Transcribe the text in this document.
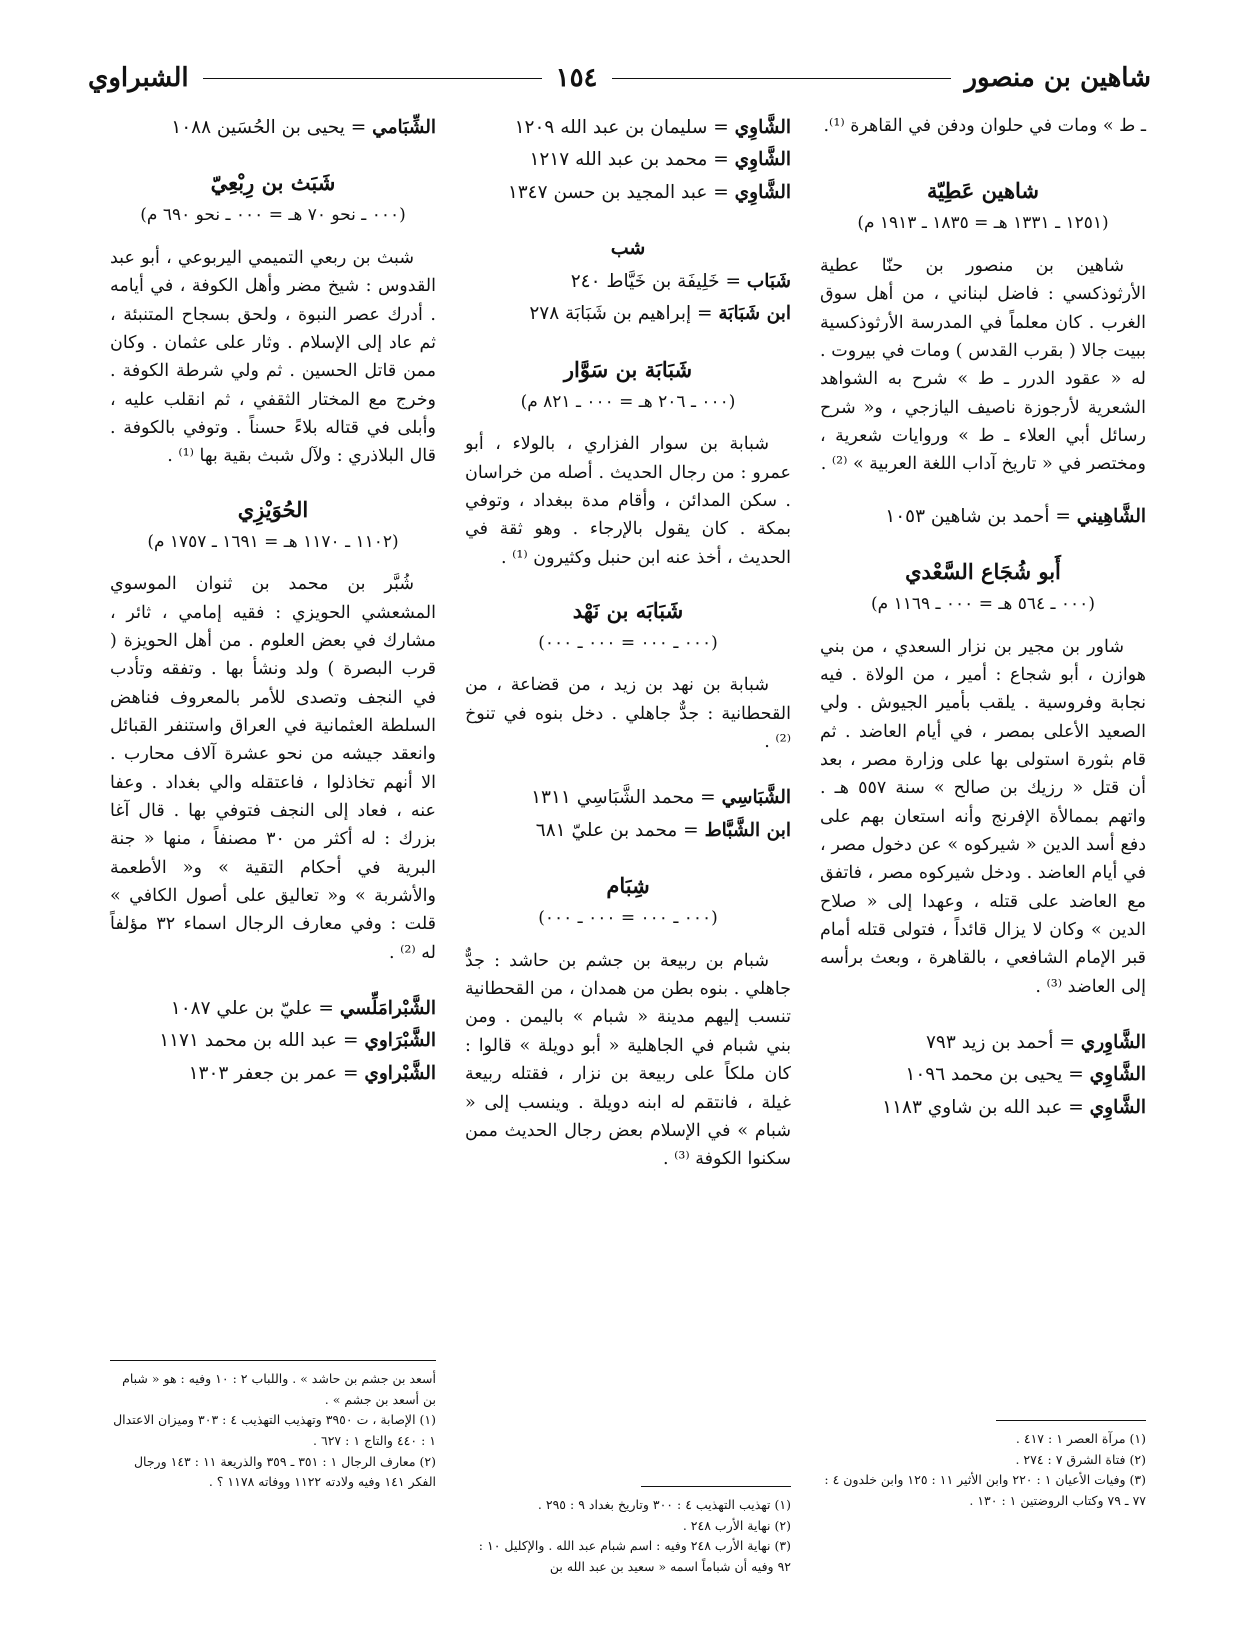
شاهين بن منصور
١٥٤
الشبراوي

ـ ط » ومات في حلوان ودفن في القاهرة ⁽¹⁾.

شاهين عَطِيّة
(١٢٥١ ـ ١٣٣١ هـ = ١٨٣٥ ـ ١٩١٣ م)

شاهين بن منصور بن حنّا عطية الأرثوذكسي : فاضل لبناني ، من أهل سوق الغرب . كان معلماً في المدرسة الأرثوذكسية ببيت جالا ( بقرب القدس ) ومات في بيروت . له « عقود الدرر ـ ط » شرح به الشواهد الشعرية لأرجوزة ناصيف اليازجي ، و« شرح رسائل أبي العلاء ـ ط » وروايات شعرية ، ومختصر في « تاريخ آداب اللغة العربية » ⁽²⁾ .

الشَّاهِيني = أحمد بن شاهين ١٠٥٣
أَبو شُجَاع السَّعْدي
(٠٠٠ ـ ٥٦٤ هـ = ٠٠٠ ـ ١١٦٩ م)

شاور بن مجير بن نزار السعدي ، من بني هوازن ، أبو شجاع : أمير ، من الولاة . فيه نجابة وفروسية . يلقب بأمير الجيوش . ولي الصعيد الأعلى بمصر ، في أيام العاضد . ثم قام بثورة استولى بها على وزارة مصر ، بعد أن قتل « رزيك بن صالح » سنة ٥٥٧ هـ . واتهم بممالأة الإفرنج وأنه استعان بهم على دفع أسد الدين « شيركوه » عن دخول مصر ، في أيام العاضد . ودخل شيركوه مصر ، فاتفق مع العاضد على قتله ، وعهدا إلى « صلاح الدين » وكان لا يزال قائداً ، فتولى قتله أمام قبر الإمام الشافعي ، بالقاهرة ، وبعث برأسه إلى العاضد ⁽³⁾ .

الشَّاوِري = أحمد بن زيد ٧٩٣
الشَّاوِي = يحيى بن محمد ١٠٩٦
الشَّاوِي = عبد الله بن شاوي ١١٨٣
الشَّاوِي = سليمان بن عبد الله ١٢٠٩
الشَّاوِي = محمد بن عبد الله ١٢١٧
الشَّاوِي = عبد المجيد بن حسن ١٣٤٧
شب
شَبَاب = خَلِيفَة بن خَيَّاط ٢٤٠
ابن شَبَابَة = إبراهيم بن شَبَابَة ٢٧٨
شَبَابَة بن سَوَّار
(٠٠٠ ـ ٢٠٦ هـ = ٠٠٠ ـ ٨٢١ م)

شبابة بن سوار الفزاري ، بالولاء ، أبو عمرو : من رجال الحديث . أصله من خراسان . سكن المدائن ، وأقام مدة ببغداد ، وتوفي بمكة . كان يقول بالإرجاء . وهو ثقة في الحديث ، أخذ عنه ابن حنبل وكثيرون ⁽¹⁾ .

شَبَابَه بن نَهْد
(٠٠٠ ـ ٠٠٠ = ٠٠٠ ـ ٠٠٠)

شبابة بن نهد بن زيد ، من قضاعة ، من القحطانية : جدٌّ جاهلي . دخل بنوه في تنوخ ⁽²⁾ .

الشَّبَاسِي = محمد الشَّبَاسِي ١٣١١
ابن الشَّبَّاط = محمد بن عليّ ٦٨١
شِبَام
(٠٠٠ ـ ٠٠٠ = ٠٠٠ ـ ٠٠٠)

شبام بن ربيعة بن جشم بن حاشد : جدٌّ جاهلي . بنوه بطن من همدان ، من القحطانية تنسب إليهم مدينة « شبام » باليمن . ومن بني شبام في الجاهلية « أبو دويلة » قالوا : كان ملكاً على ربيعة بن نزار ، فقتله ربيعة غيلة ، فانتقم له ابنه دويلة . وينسب إلى « شبام » في الإسلام بعض رجال الحديث ممن سكنوا الكوفة ⁽³⁾ .

الشِّبَامي = يحيى بن الحُسَين ١٠٨٨
شَبَث بن رِبْعِيّ
(٠٠٠ ـ نحو ٧٠ هـ = ٠٠٠ ـ نحو ٦٩٠ م)

شبث بن ربعي التميمي اليربوعي ، أبو عبد القدوس : شيخ مضر وأهل الكوفة ، في أيامه . أدرك عصر النبوة ، ولحق بسجاح المتنبئة ، ثم عاد إلى الإسلام . وثار على عثمان . وكان ممن قاتل الحسين . ثم ولي شرطة الكوفة . وخرج مع المختار الثقفي ، ثم انقلب عليه ، وأبلى في قتاله بلاءً حسناً . وتوفي بالكوفة . قال البلاذري : ولآل شبث بقية بها ⁽¹⁾ .

الحُوَيْزِي
(١١٠٢ ـ ١١٧٠ هـ = ١٦٩١ ـ ١٧٥٧ م)

شُبَّر بن محمد بن ثنوان الموسوي المشعشي الحويزي : فقيه إمامي ، ثائر ، مشارك في بعض العلوم . من أهل الحويزة ( قرب البصرة ) ولد ونشأ بها . وتفقه وتأدب في النجف وتصدى للأمر بالمعروف فناهض السلطة العثمانية في العراق واستنفر القبائل وانعقد جيشه من نحو عشرة آلاف محارب . الا أنهم تخاذلوا ، فاعتقله والي بغداد . وعفا عنه ، فعاد إلى النجف فتوفي بها . قال آغا بزرك : له أكثر من ٣٠ مصنفاً ، منها « جنة البرية في أحكام التقية » و« الأطعمة والأشربة » و« تعاليق على أصول الكافي » قلت : وفي معارف الرجال اسماء ٣٢ مؤلفاً له ⁽²⁾ .

الشَّبْرامَلِّسي = عليّ بن علي ١٠٨٧
الشَّبْرَاوي = عبد الله بن محمد ١١٧١
الشَّبْراوي = عمر بن جعفر ١٣٠٣

(١) مرآة العصر ١ : ٤١٧ .

(٢) فتاة الشرق ٧ : ٢٧٤ .

(٣) وفيات الأعيان ١ : ٢٢٠ وابن الأثير ١١ : ١٢٥ وابن خلدون ٤ : ٧٧ ـ ٧٩ وكتاب الروضتين ١ : ١٣٠ .

(١) تهذيب التهذيب ٤ : ٣٠٠ وتاريخ بغداد ٩ : ٢٩٥ .

(٢) نهاية الأرب ٢٤٨ .

(٣) نهاية الأرب ٢٤٨ وفيه : اسم شبام عبد الله . والإكليل ١٠ : ٩٢ وفيه أن شباماً اسمه « سعيد بن عبد الله بن

أسعد بن جشم بن حاشد » . واللباب ٢ : ١٠ وفيه : هو « شبام بن أسعد بن جشم » .

(١) الإصابة ، ت ٣٩٥٠ وتهذيب التهذيب ٤ : ٣٠٣ وميزان الاعتدال ١ : ٤٤٠ والتاج ١ : ٦٢٧ .

(٢) معارف الرجال ١ : ٣٥١ ـ ٣٥٩ والذريعة ١١ : ١٤٣ ورجال الفكر ١٤١ وفيه ولادته ١١٢٢ ووفاته ١١٧٨ ؟ .
